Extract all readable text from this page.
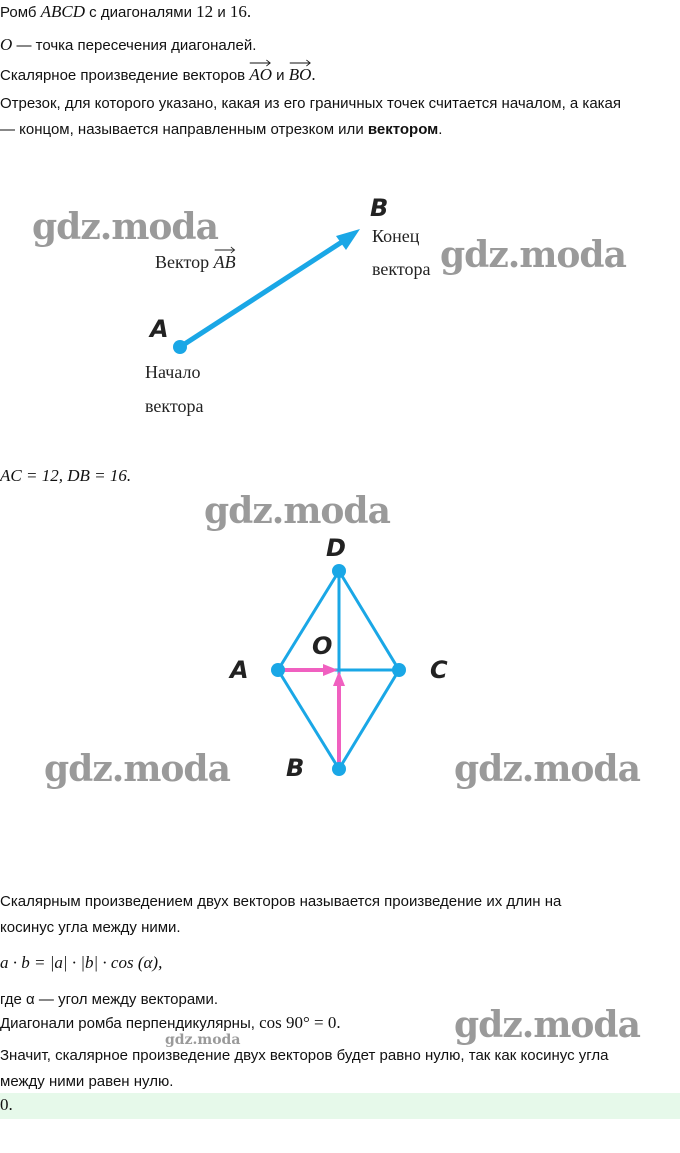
Ромб ABCD с диагоналями 12 и 16.
O — точка пересечения диагоналей.
Скалярное произведение векторов AO и BO.
Отрезок, для которого указано, какая из его граничных точек считается началом, а какая
— концом, называется направленным отрезком или вектором.
A
B
Вектор AB
Конец
вектора
Начало
вектора
AC = 12, DB = 16.
D
A	C
O
B
Скалярным произведением двух векторов называется произведение их длин на
косинус угла между ними.
a · b = |a| · |b| · cos (α),
где α — угол между векторами.
Диагонали ромба перпендикулярны, cos 90° = 0.
Значит, скалярное произведение двух векторов будет равно нулю, так как косинус угла
между ними равен нулю.
0.
gdz.moda
gdz.moda
gdz.moda
gdz.moda	gdz.moda
gdz.moda
gdz.moda
